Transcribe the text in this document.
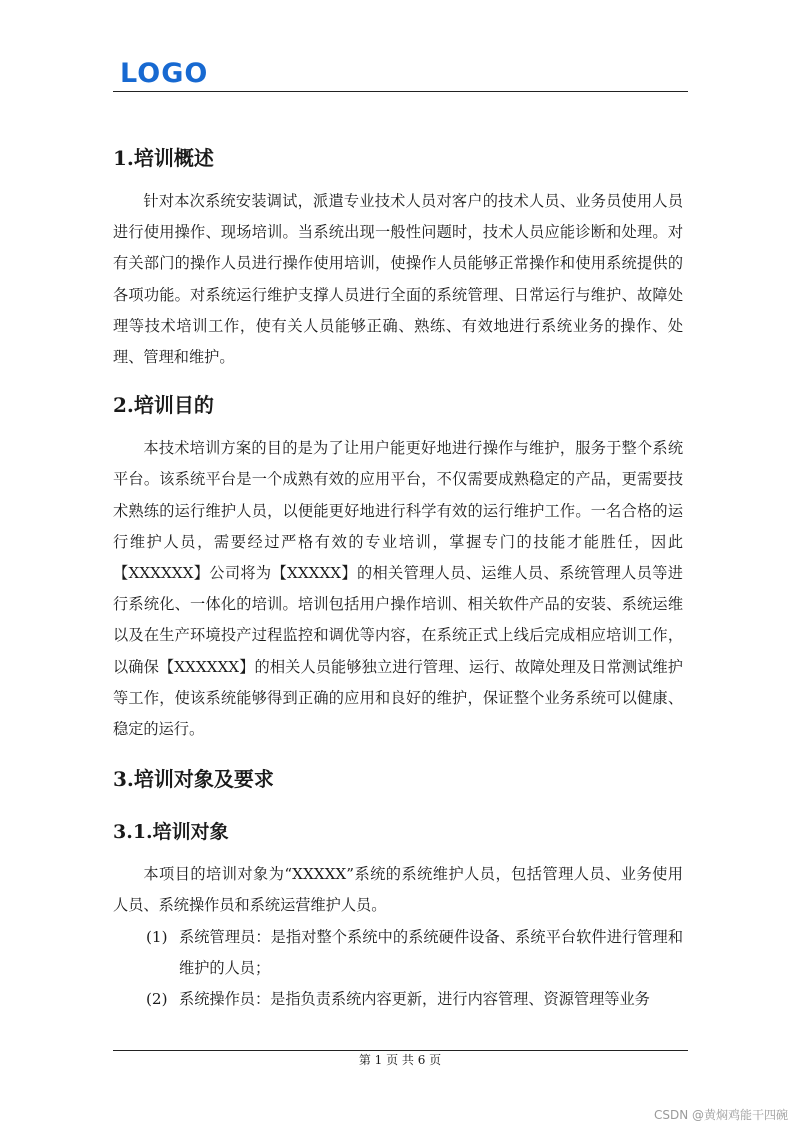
LOGO
1.培训概述

针对本次系统安装调试，派遣专业技术人员对客户的技术人员、业务员使用人员进行使用操作、现场培训。当系统出现一般性问题时，技术人员应能诊断和处理。对有关部门的操作人员进行操作使用培训，使操作人员能够正常操作和使用系统提供的各项功能。对系统运行维护支撑人员进行全面的系统管理、日常运行与维护、故障处理等技术培训工作，使有关人员能够正确、熟练、有效地进行系统业务的操作、处理、管理和维护。

2.培训目的

本技术培训方案的目的是为了让用户能更好地进行操作与维护，服务于整个系统平台。该系统平台是一个成熟有效的应用平台，不仅需要成熟稳定的产品，更需要技术熟练的运行维护人员，以便能更好地进行科学有效的运行维护工作。一名合格的运行维护人员，需要经过严格有效的专业培训，掌握专门的技能才能胜任，因此【XXXXXX】公司将为【XXXXX】的相关管理人员、运维人员、系统管理人员等进行系统化、一体化的培训。培训包括用户操作培训、相关软件产品的安装、系统运维以及在生产环境投产过程监控和调优等内容，在系统正式上线后完成相应培训工作，以确保【XXXXXX】的相关人员能够独立进行管理、运行、故障处理及日常测试维护等工作，使该系统能够得到正确的应用和良好的维护，保证整个业务系统可以健康、稳定的运行。

3.培训对象及要求
3.1.培训对象

本项目的培训对象为“XXXXX”系统的系统维护人员，包括管理人员、业务使用人员、系统操作员和系统运营维护人员。

(1) 系统管理员：是指对整个系统中的系统硬件设备、系统平台软件进行管理和维护的人员；
(2) 系统操作员：是指负责系统内容更新，进行内容管理、资源管理等业务
第 1 页 共 6 页
CSDN @黄焖鸡能干四碗
